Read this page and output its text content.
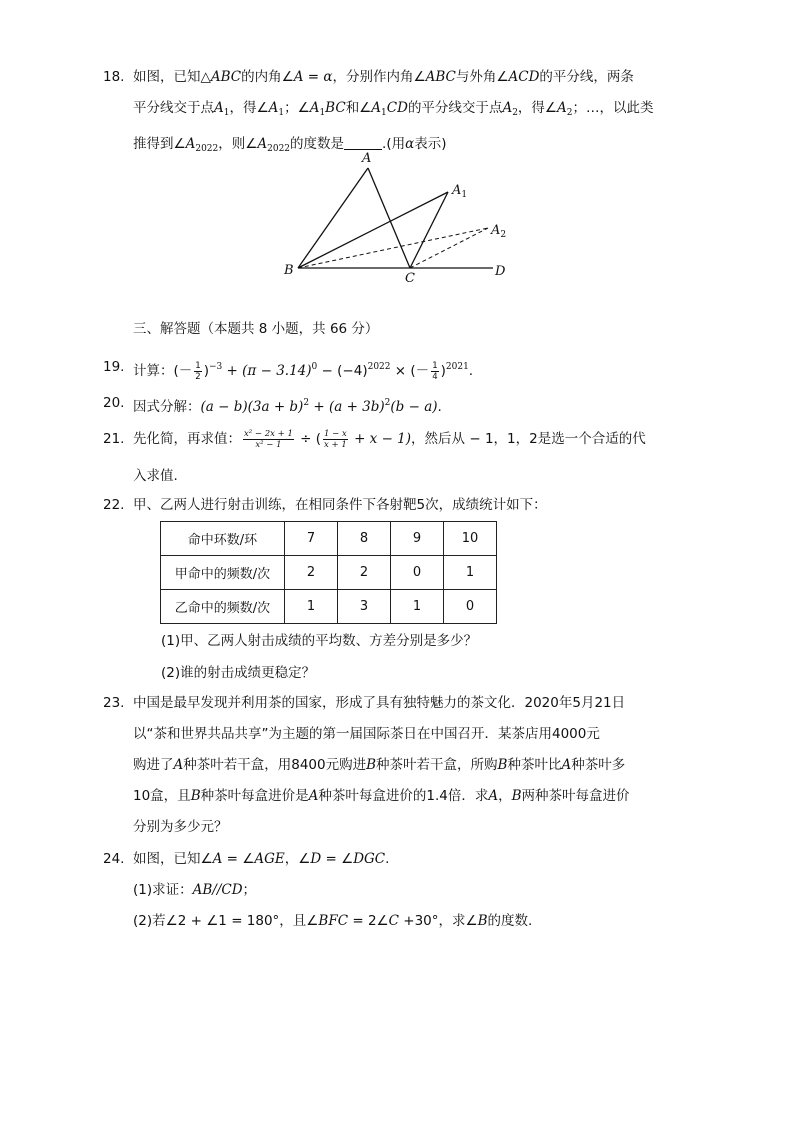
18. 如图，已知△ABC的内角∠A = α，分别作内角∠ABC与外角∠ACD的平分线，两条
平分线交于点$A_1$，得$\angle A_1$；$\angle A_1BC$和$\angle A_1CD$的平分线交于点$A_2$，得$\angle A_2$；…，以此类
推得到$\angle A_{2022}$，则$\angle A_{2022}$的度数是	.(用α表示)
A
$A_1$
$A_2$
B
C	D
三、解答题（本题共 8 小题，共 66 分）
19. 计算：(－ $\frac{1}{2} )^{-3} + (\pi - 3.14)^0 - (-4)^{2022}$ × (－ $\frac{1}{4} )^{2021}$.
20. 因式分解：$(a - b)(3a + b)^2 + (a + 3b)^2(b - a)$.
21. 先化简，再求值： $\frac{\text{x² − 2x + 1}}{\text{x² − 1}}$ ÷ ( $\frac{1 - x}{x + 1} + x - 1$)，然后从 − 1，1，2是选一个合适的代
入求值.
22. 甲、乙两人进行射击训练，在相同条件下各射靶5次，成绩统计如下：
命中环数/环	7	8	9	10
甲命中的频数/次	2	2	0	1
乙命中的频数/次	1	3	1	0
(1)甲、乙两人射击成绩的平均数、方差分别是多少？
(2)谁的射击成绩更稳定？
23. 中国是最早发现并利用茶的国家，形成了具有独特魅力的茶文化．2020年5月21日
以“茶和世界共品共享”为主题的第一届国际茶日在中国召开．某茶店用4000元
购进了A种茶叶若干盒，用8400元购进B种茶叶若干盒，所购B种茶叶比A种茶叶多
10盒，且B种茶叶每盒进价是A种茶叶每盒进价的1.4倍．求A，B两种茶叶每盒进价
分别为多少元？
24. 如图，已知∠A = ∠AGE，∠D = ∠DGC.
(1)求证：AB//CD；
(2)若∠2 + ∠1 = 180°，且∠BFC = 2∠C +30°，求∠B的度数.
